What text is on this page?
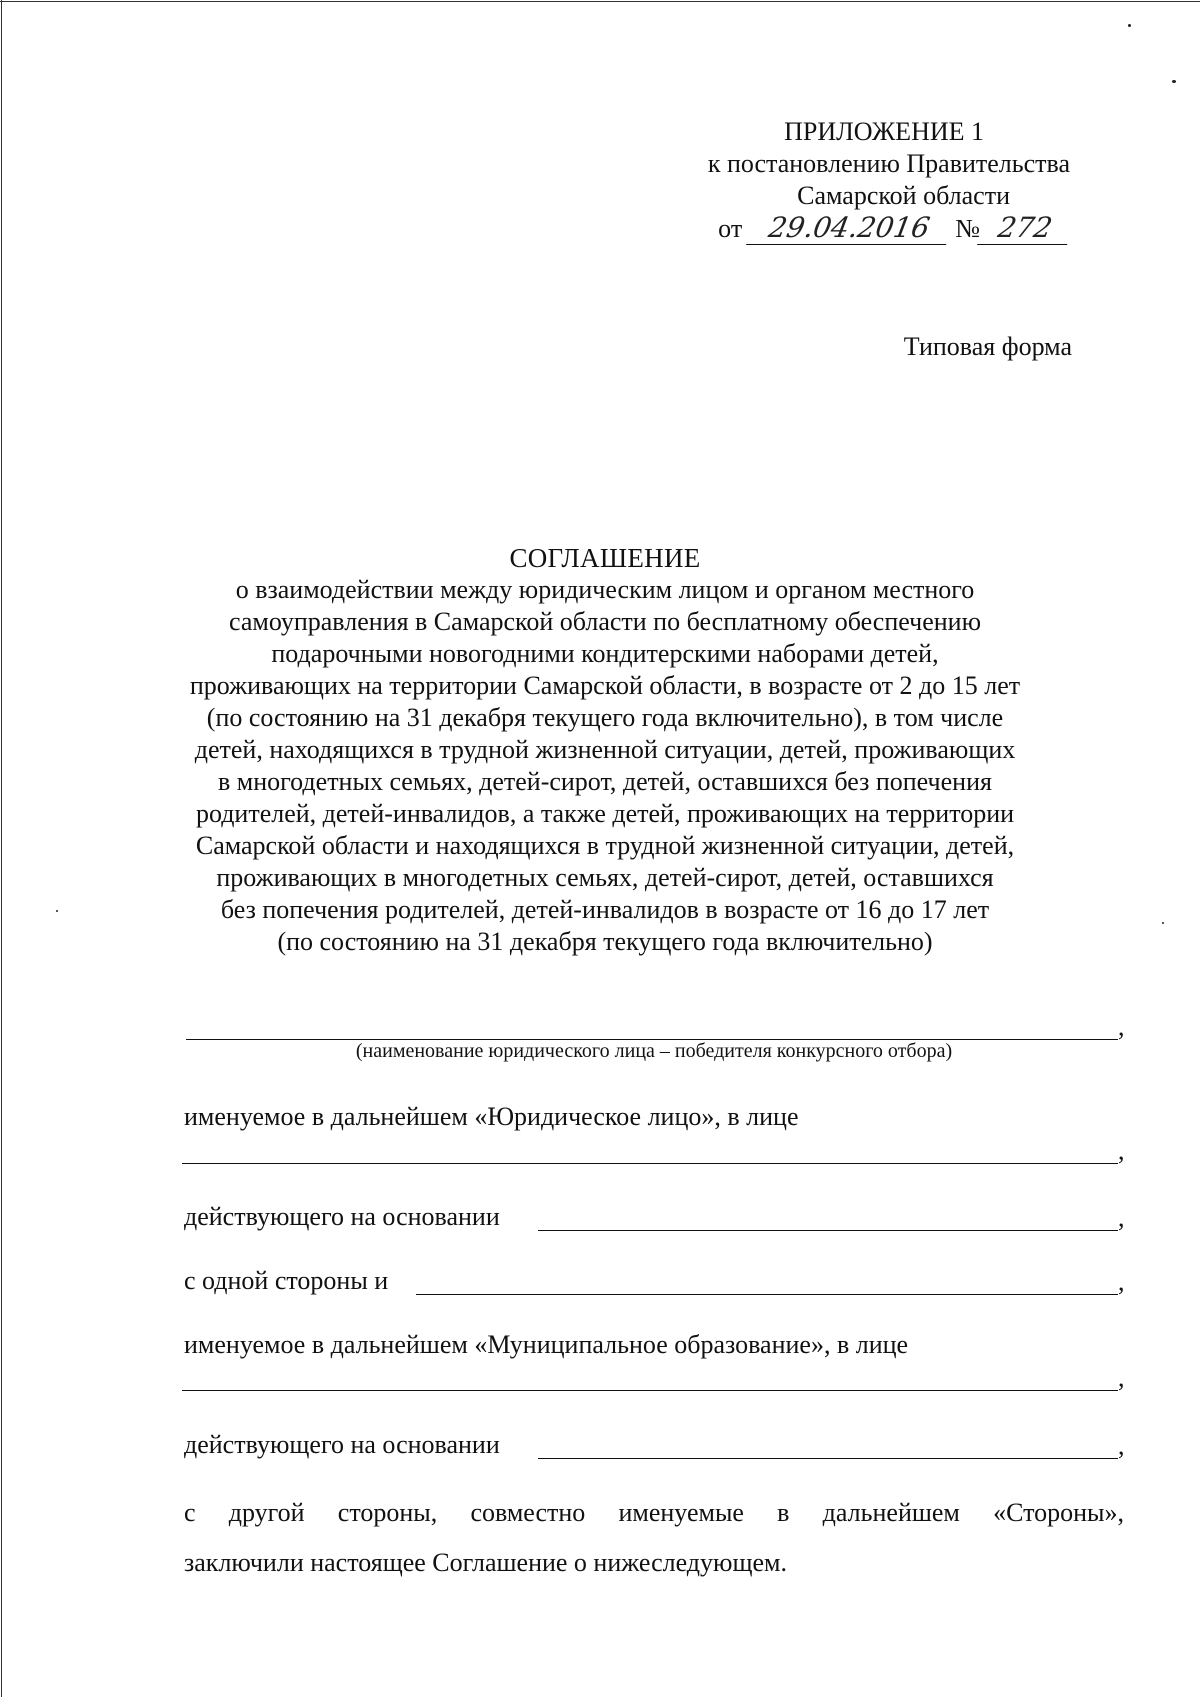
ПРИЛОЖЕНИЕ 1
к постановлению Правительства
Самарской области
от 29.04.2016 № 272
Типовая форма
СОГЛАШЕНИЕ
о взаимодействии между юридическим лицом и органом местного
самоуправления в Самарской области по бесплатному обеспечению
подарочными новогодними кондитерскими наборами детей,
проживающих на территории Самарской области, в возрасте от 2 до 15 лет
(по состоянию на 31 декабря текущего года включительно), в том числе
детей, находящихся в трудной жизненной ситуации, детей, проживающих
в многодетных семьях, детей-сирот, детей, оставшихся без попечения
родителей, детей-инвалидов, а также детей, проживающих на территории
Самарской области и находящихся в трудной жизненной ситуации, детей,
проживающих в многодетных семьях, детей-сирот, детей, оставшихся
без попечения родителей, детей-инвалидов в возрасте от 16 до 17 лет
(по состоянию на 31 декабря текущего года включительно)
,
(наименование юридического лица – победителя конкурсного отбора)
именуемое в дальнейшем «Юридическое лицо», в лице
,
действующего на основании	,
с одной стороны и	,
именуемое в дальнейшем «Муниципальное образование», в лице
,
действующего на основании	,
с другой стороны, совместно именуемые в дальнейшем «Стороны»,
заключили настоящее Соглашение о нижеследующем.
